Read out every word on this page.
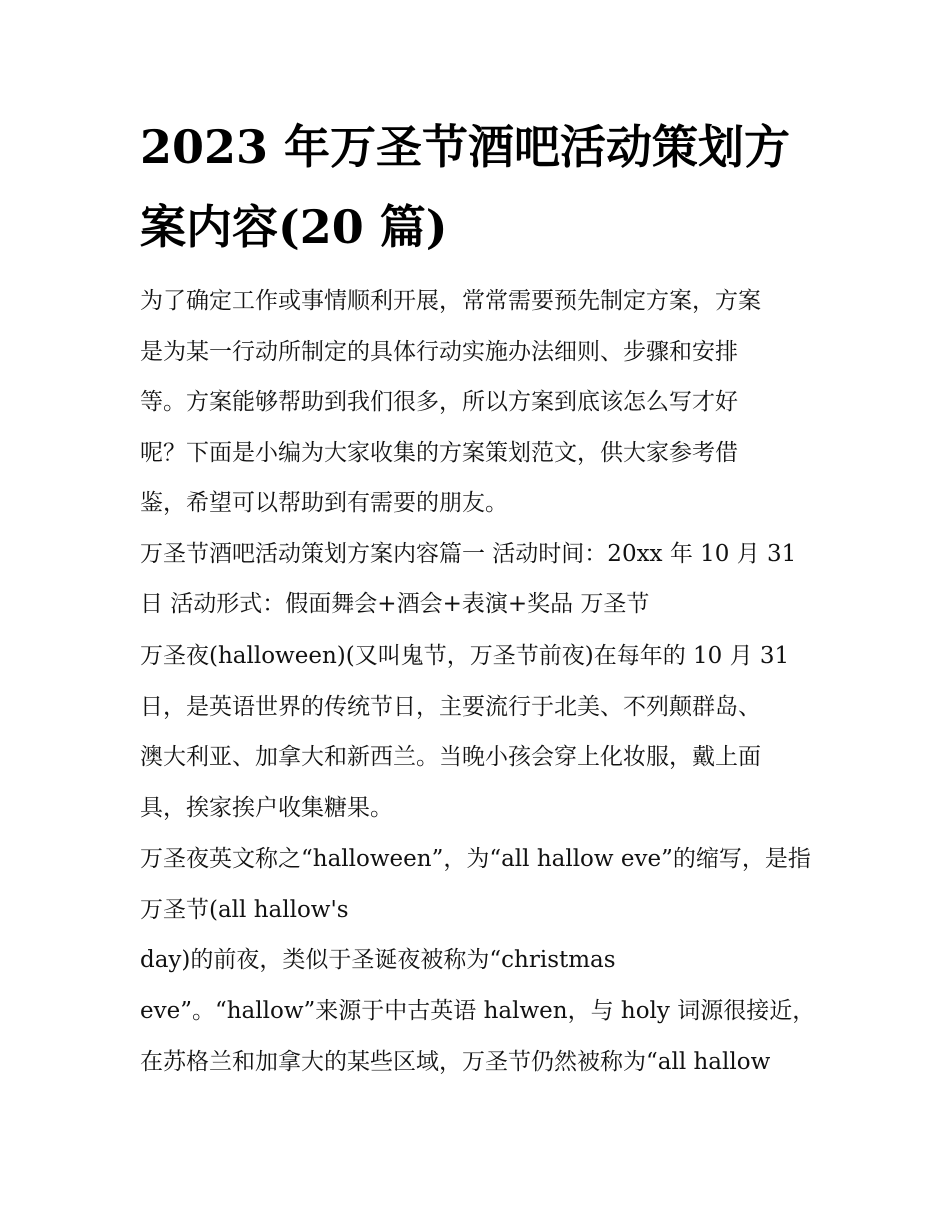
2023 年万圣节酒吧活动策划方
案内容(20 篇)

为了确定工作或事情顺利开展，常常需要预先制定方案，方案

是为某一行动所制定的具体行动实施办法细则、步骤和安排

等。方案能够帮助到我们很多，所以方案到底该怎么写才好

呢？下面是小编为大家收集的方案策划范文，供大家参考借

鉴，希望可以帮助到有需要的朋友。

万圣节酒吧活动策划方案内容篇一 活动时间：20xx 年 10 月 31

日 活动形式：假面舞会+酒会+表演+奖品 万圣节

万圣夜(halloween)(又叫鬼节，万圣节前夜)在每年的 10 月 31

日，是英语世界的传统节日，主要流行于北美、不列颠群岛、

澳大利亚、加拿大和新西兰。当晚小孩会穿上化妆服，戴上面

具，挨家挨户收集糖果。

万圣夜英文称之“halloween”，为“all hallow eve”的缩写，是指

万圣节(all hallow's

day)的前夜，类似于圣诞夜被称为“christmas

eve”。“hallow”来源于中古英语 halwen，与 holy 词源很接近，

在苏格兰和加拿大的某些区域，万圣节仍然被称为“all hallow
